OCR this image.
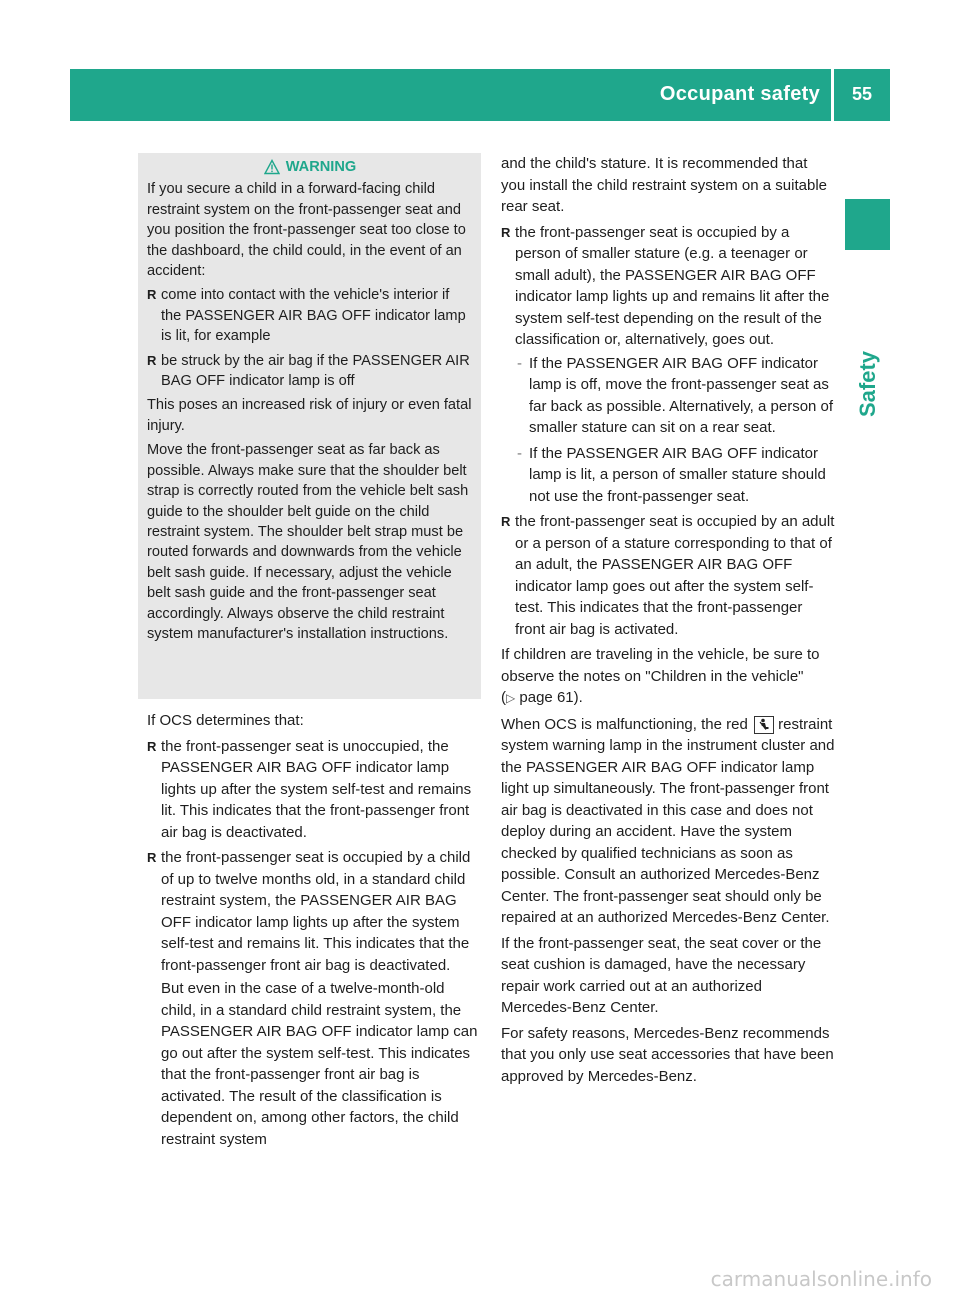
Occupant safety	55
Safety
WARNING

If you secure a child in a forward-facing child restraint system on the front-passenger seat and you position the front-passenger seat too close to the dashboard, the child could, in the event of an accident:

R come into contact with the vehicle's interior if the PASSENGER AIR BAG OFF indicator lamp is lit, for example
R be struck by the air bag if the PASSENGER AIR BAG OFF indicator lamp is off

This poses an increased risk of injury or even fatal injury.

Move the front-passenger seat as far back as possible. Always make sure that the shoulder belt strap is correctly routed from the vehicle belt sash guide to the shoulder belt guide on the child restraint system. The shoulder belt strap must be routed forwards and downwards from the vehicle belt sash guide. If necessary, adjust the vehicle belt sash guide and the front-passenger seat accordingly. Always observe the child restraint system manufacturer's installation instructions.

If OCS determines that:

R the front-passenger seat is unoccupied, the PASSENGER AIR BAG OFF indicator lamp lights up after the system self-test and remains lit. This indicates that the front-passenger front air bag is deactivated.
R the front-passenger seat is occupied by a child of up to twelve months old, in a standard child restraint system, the PASSENGER AIR BAG OFF indicator lamp lights up after the system self-test and remains lit. This indicates that the front-passenger front air bag is deactivated.

But even in the case of a twelve-month-old child, in a standard child restraint system, the PASSENGER AIR BAG OFF indicator lamp can go out after the system self-test. This indicates that the front-passenger front air bag is activated. The result of the classification is dependent on, among other factors, the child restraint system

and the child's stature. It is recommended that you install the child restraint system on a suitable rear seat.

R the front-passenger seat is occupied by a person of smaller stature (e.g. a teenager or small adult), the PASSENGER AIR BAG OFF indicator lamp lights up and remains lit after the system self-test depending on the result of the classification or, alternatively, goes out.
- If the PASSENGER AIR BAG OFF indicator lamp is off, move the front-passenger seat as far back as possible. Alternatively, a person of smaller stature can sit on a rear seat.
- If the PASSENGER AIR BAG OFF indicator lamp is lit, a person of smaller stature should not use the front-passenger seat.
R the front-passenger seat is occupied by an adult or a person of a stature corresponding to that of an adult, the PASSENGER AIR BAG OFF indicator lamp goes out after the system self-test. This indicates that the front-passenger front air bag is activated.

If children are traveling in the vehicle, be sure to observe the notes on "Children in the vehicle" (▷ page 61).

When OCS is malfunctioning, the red restraint system warning lamp in the instrument cluster and the PASSENGER AIR BAG OFF indicator lamp light up simultaneously. The front-passenger front air bag is deactivated in this case and does not deploy during an accident. Have the system checked by qualified technicians as soon as possible. Consult an authorized Mercedes-Benz Center. The front-passenger seat should only be repaired at an authorized Mercedes-Benz Center.

If the front-passenger seat, the seat cover or the seat cushion is damaged, have the necessary repair work carried out at an authorized Mercedes-Benz Center.

For safety reasons, Mercedes-Benz recommends that you only use seat accessories that have been approved by Mercedes-Benz.

carmanualsonline.info
